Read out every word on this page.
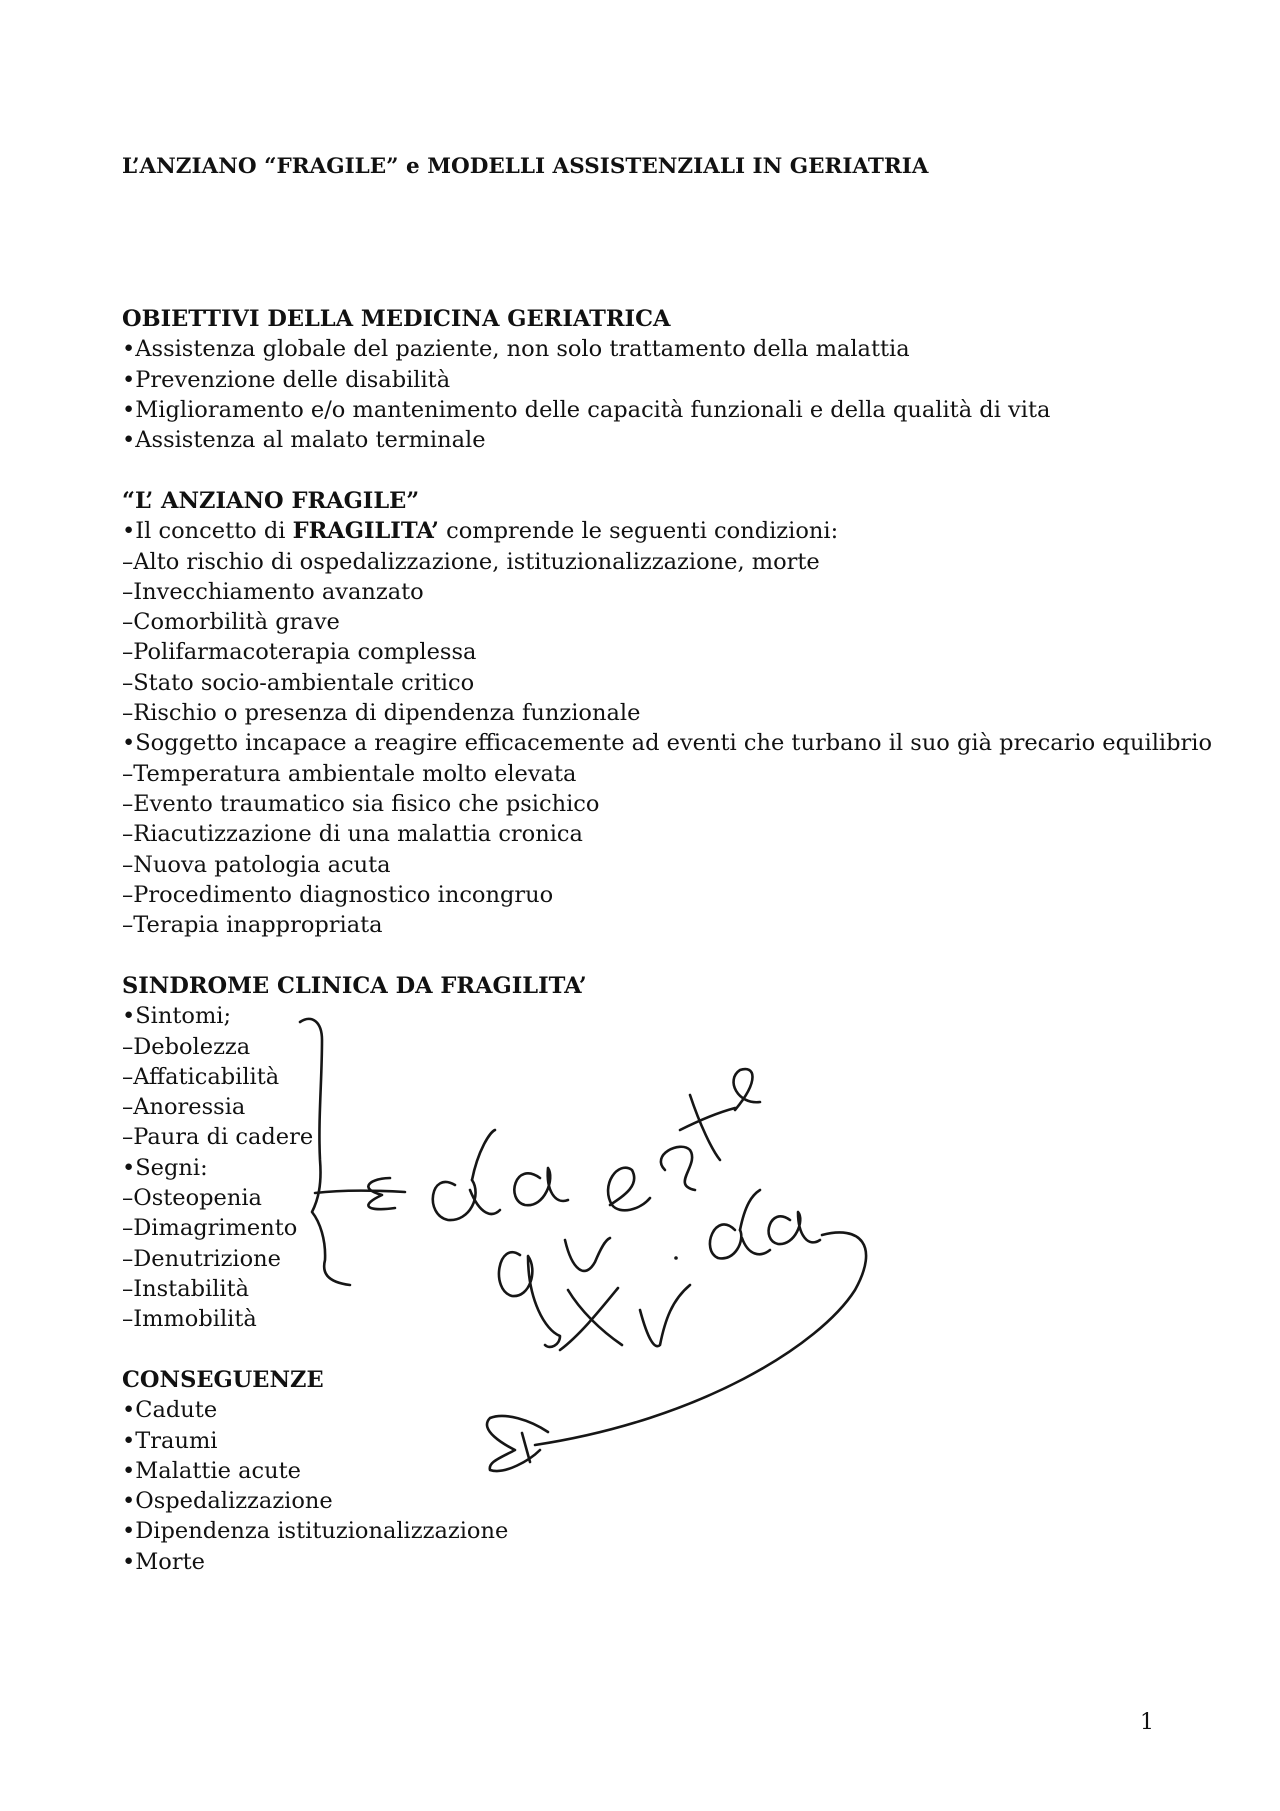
L’ANZIANO “FRAGILE” e MODELLI ASSISTENZIALI IN GERIATRIA
OBIETTIVI DELLA MEDICINA GERIATRICA
•Assistenza globale del paziente, non solo trattamento della malattia
•Prevenzione delle disabilità
•Miglioramento e/o mantenimento delle capacità funzionali e della qualità di vita
•Assistenza al malato terminale
“L’ ANZIANO FRAGILE”
•Il concetto di FRAGILITA’ comprende le seguenti condizioni:
–Alto rischio di ospedalizzazione, istituzionalizzazione, morte
–Invecchiamento avanzato
–Comorbilità grave
–Polifarmacoterapia complessa
–Stato socio-ambientale critico
–Rischio o presenza di dipendenza funzionale
•Soggetto incapace a reagire efficacemente ad eventi che turbano il suo già precario equilibrio
–Temperatura ambientale molto elevata
–Evento traumatico sia fisico che psichico
–Riacutizzazione di una malattia cronica
–Nuova patologia acuta
–Procedimento diagnostico incongruo
–Terapia inappropriata
SINDROME CLINICA DA FRAGILITA’
•Sintomi;
–Debolezza
–Affaticabilità
–Anoressia
–Paura di cadere
•Segni:
–Osteopenia
–Dimagrimento
–Denutrizione
–Instabilità
–Immobilità
CONSEGUENZE
•Cadute
•Traumi
•Malattie acute
•Ospedalizzazione
•Dipendenza istituzionalizzazione
•Morte
1
